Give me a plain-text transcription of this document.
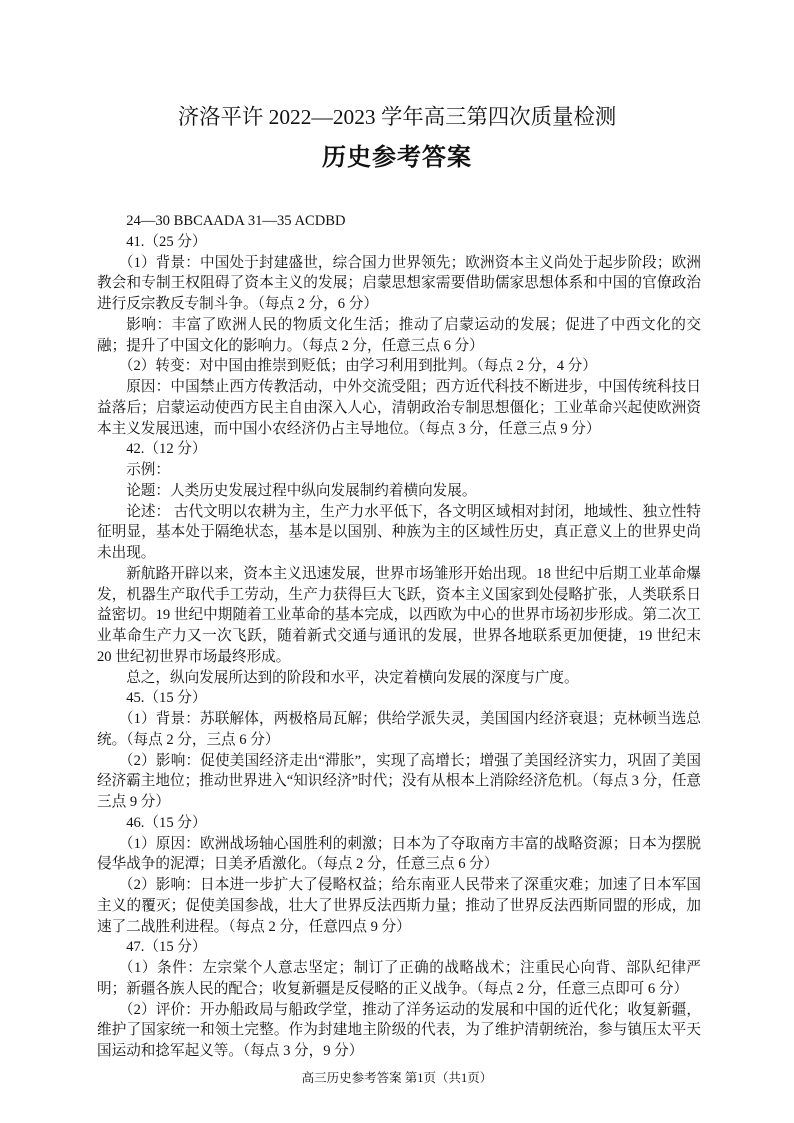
济洛平许 2022—2023 学年高三第四次质量检测
历史参考答案

24—30 BBCAADA 31—35 ACDBD

41.（25 分）

（1）背景：中国处于封建盛世，综合国力世界领先；欧洲资本主义尚处于起步阶段；欧洲教会和专制王权阻碍了资本主义的发展；启蒙思想家需要借助儒家思想体系和中国的官僚政治进行反宗教反专制斗争。（每点 2 分，6 分）

影响：丰富了欧洲人民的物质文化生活；推动了启蒙运动的发展；促进了中西文化的交融；提升了中国文化的影响力。（每点 2 分，任意三点 6 分）

（2）转变：对中国由推崇到贬低；由学习利用到批判。（每点 2 分，4 分）

原因：中国禁止西方传教活动，中外交流受阻；西方近代科技不断进步，中国传统科技日益落后；启蒙运动使西方民主自由深入人心，清朝政治专制思想僵化；工业革命兴起使欧洲资本主义发展迅速，而中国小农经济仍占主导地位。（每点 3 分，任意三点 9 分）

42.（12 分）

示例：

论题：人类历史发展过程中纵向发展制约着横向发展。

论述： 古代文明以农耕为主，生产力水平低下，各文明区域相对封闭，地域性、独立性特征明显，基本处于隔绝状态，基本是以国别、种族为主的区域性历史，真正意义上的世界史尚未出现。

新航路开辟以来，资本主义迅速发展，世界市场雏形开始出现。18 世纪中后期工业革命爆发，机器生产取代手工劳动，生产力获得巨大飞跃，资本主义国家到处侵略扩张，人类联系日益密切。19 世纪中期随着工业革命的基本完成，以西欧为中心的世界市场初步形成。第二次工业革命生产力又一次飞跃，随着新式交通与通讯的发展，世界各地联系更加便捷，19 世纪末 20 世纪初世界市场最终形成。

总之，纵向发展所达到的阶段和水平，决定着横向发展的深度与广度。

45.（15 分）

（1）背景：苏联解体，两极格局瓦解；供给学派失灵，美国国内经济衰退；克林顿当选总统。（每点 2 分，三点 6 分）

（2）影响：促使美国经济走出“滞胀”，实现了高增长；增强了美国经济实力，巩固了美国经济霸主地位；推动世界进入“知识经济”时代；没有从根本上消除经济危机。（每点 3 分，任意三点 9 分）

46.（15 分）

（1）原因：欧洲战场轴心国胜利的刺激；日本为了夺取南方丰富的战略资源；日本为摆脱侵华战争的泥潭；日美矛盾激化。（每点 2 分，任意三点 6 分）

（2）影响：日本进一步扩大了侵略权益；给东南亚人民带来了深重灾难；加速了日本军国主义的覆灭；促使美国参战，壮大了世界反法西斯力量；推动了世界反法西斯同盟的形成，加速了二战胜利进程。（每点 2 分，任意四点 9 分）

47.（15 分）

（1）条件：左宗棠个人意志坚定；制订了正确的战略战术；注重民心向背、部队纪律严明；新疆各族人民的配合；收复新疆是反侵略的正义战争。（每点 2 分，任意三点即可 6 分）

（2）评价：开办船政局与船政学堂，推动了洋务运动的发展和中国的近代化；收复新疆，维护了国家统一和领土完整。作为封建地主阶级的代表，为了维护清朝统治，参与镇压太平天国运动和捻军起义等。（每点 3 分，9 分）

高三历史参考答案 第1页（共1页）
